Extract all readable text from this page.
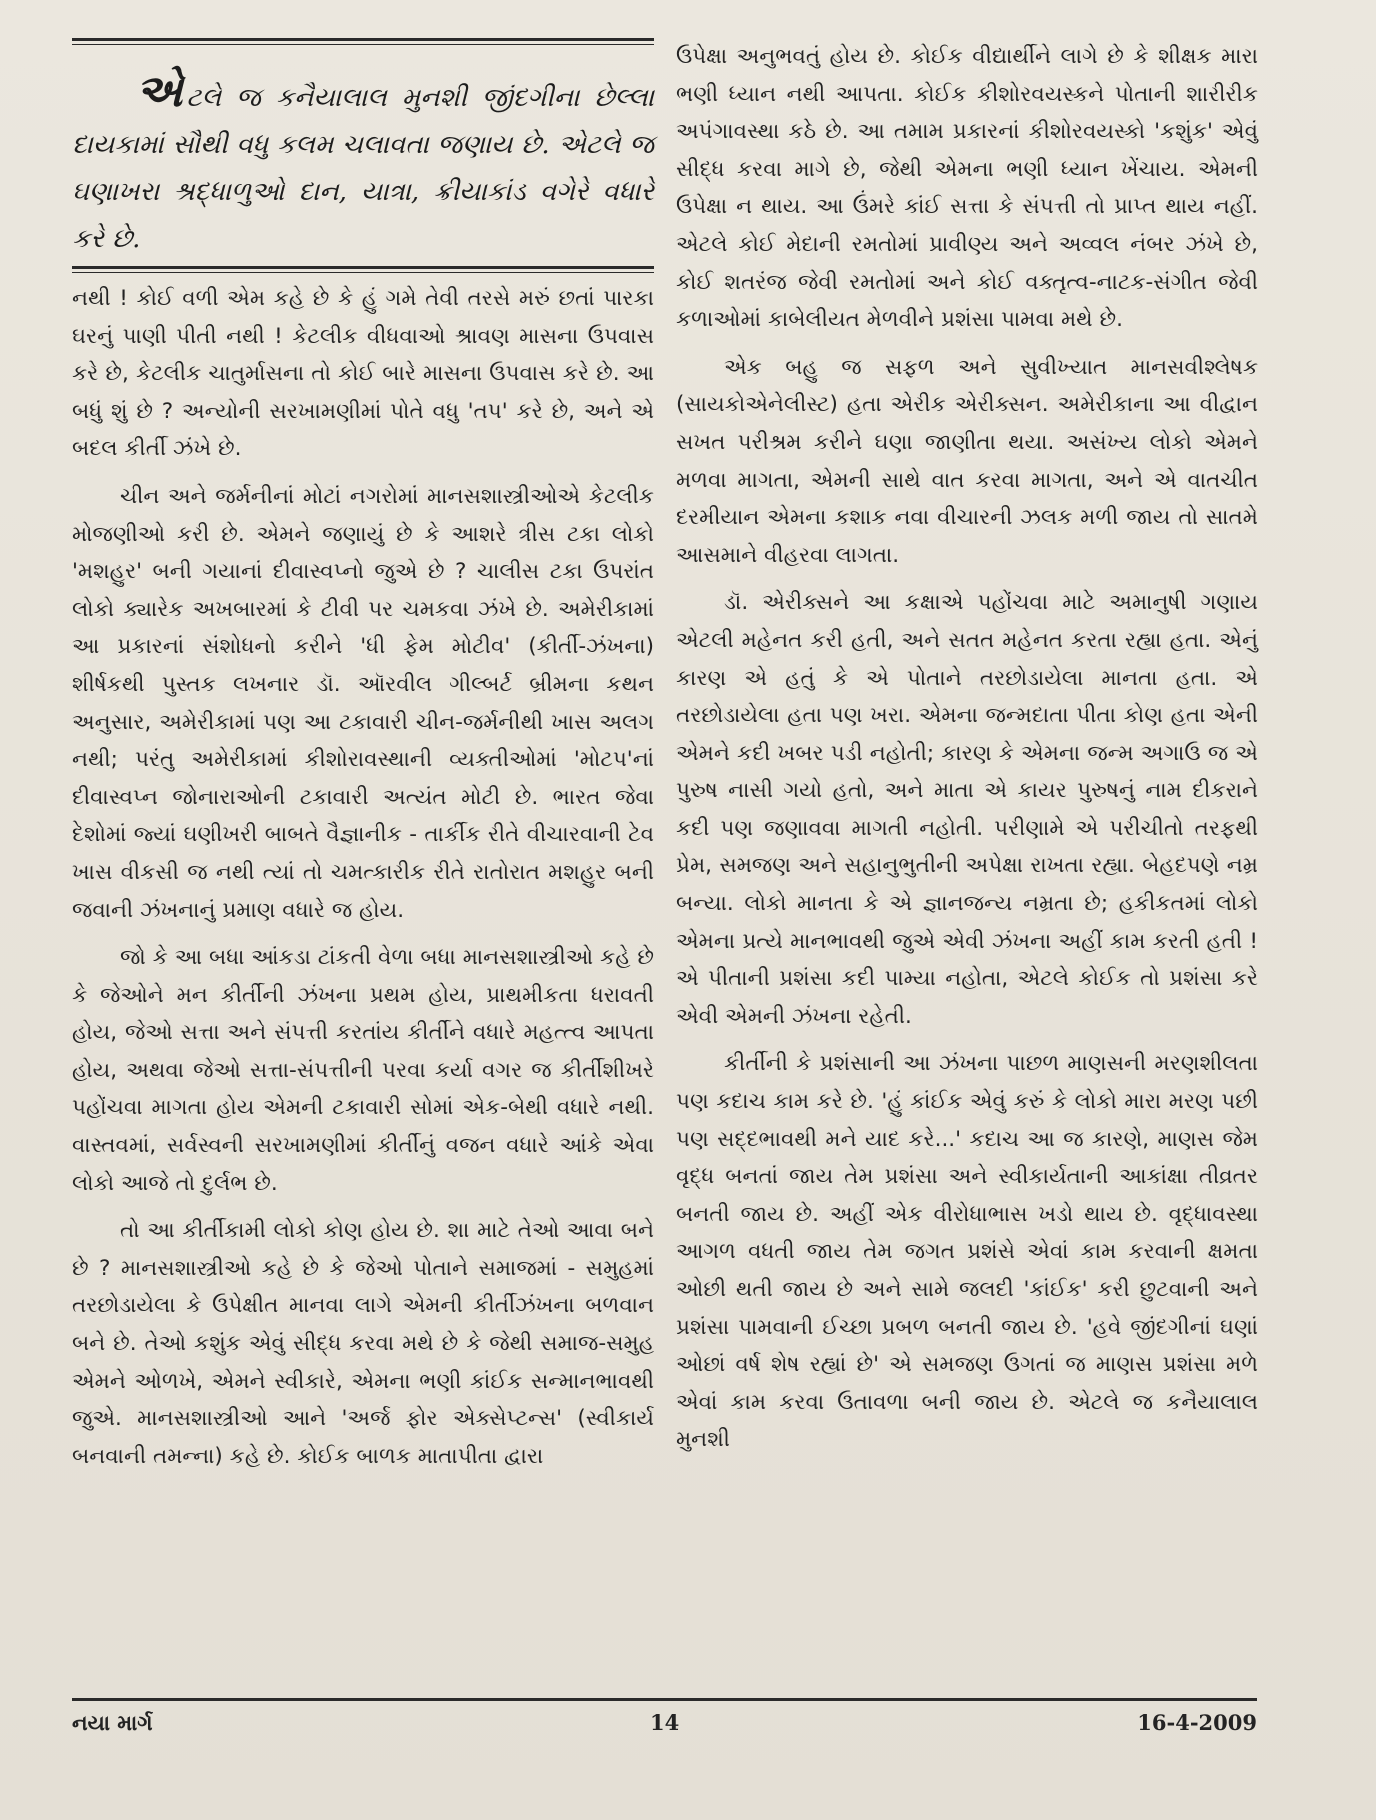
એટલે જ કનૈયાલાલ મુનશી જીંદગીના છેલ્લા દાયકામાં સૌથી વધુ કલમ ચલાવતા જણાય છે. એટલે જ ઘણાખરા શ્રદ્ધાળુઓ દાન, યાત્રા, ક્રીયાકાંડ વગેરે વધારે કરે છે.

નથી ! કોઈ વળી એમ કહે છે કે હું ગમે તેવી તરસે મરું છતાં પારકા ઘરનું પાણી પીતી નથી ! કેટલીક વીધવાઓ શ્રાવણ માસના ઉપવાસ કરે છે, કેટલીક ચાતુર્માસના તો કોઈ બારે માસના ઉપવાસ કરે છે. આ બધું શું છે ? અન્યોની સરખામણીમાં પોતે વધુ 'તપ' કરે છે, અને એ બદલ કીર્તી ઝંખે છે.

ચીન અને જર્મનીનાં મોટાં નગરોમાં માનસશાસ્ત્રીઓએ કેટલીક મોજણીઓ કરી છે. એમને જણાયું છે કે આશરે ત્રીસ ટકા લોકો 'મશહુર' બની ગયાનાં દીવાસ્વપ્નો જુએ છે ? ચાલીસ ટકા ઉપરાંત લોકો ક્યારેક અખબારમાં કે ટીવી પર ચમકવા ઝંખે છે. અમેરીકામાં આ પ્રકારનાં સંશોધનો કરીને 'ધી ફેમ મોટીવ' (કીર્તી-ઝંખના) શીર્ષકથી પુસ્તક લખનાર ડૉ. ઑરવીલ ગીલ્બર્ટ બ્રીમના કથન અનુસાર, અમેરીકામાં પણ આ ટકાવારી ચીન-જર્મનીથી ખાસ અલગ નથી; પરંતુ અમેરીકામાં કીશોરાવસ્થાની વ્યક્તીઓમાં 'મોટપ'નાં દીવાસ્વપ્ન જોનારાઓની ટકાવારી અત્યંત મોટી છે. ભારત જેવા દેશોમાં જ્યાં ઘણીખરી બાબતે વૈજ્ઞાનીક - તાર્કીક રીતે વીચારવાની ટેવ ખાસ વીકસી જ નથી ત્યાં તો ચમત્કારીક રીતે રાતોરાત મશહુર બની જવાની ઝંખનાનું પ્રમાણ વધારે જ હોય.

જો કે આ બધા આંકડા ટાંકતી વેળા બધા માનસશાસ્ત્રીઓ કહે છે કે જેઓને મન કીર્તીની ઝંખના પ્રથમ હોય, પ્રાથમીકતા ધરાવતી હોય, જેઓ સત્તા અને સંપત્તી કરતાંય કીર્તીને વધારે મહત્ત્વ આપતા હોય, અથવા જેઓ સત્તા-સંપત્તીની પરવા કર્યા વગર જ કીર્તીશીખરે પહોંચવા માગતા હોય એમની ટકાવારી સોમાં એક-બેથી વધારે નથી. વાસ્તવમાં, સર્વસ્વની સરખામણીમાં કીર્તીનું વજન વધારે આંકે એવા લોકો આજે તો દુર્લભ છે.

તો આ કીર્તીકામી લોકો કોણ હોય છે. શા માટે તેઓ આવા બને છે ? માનસશાસ્ત્રીઓ કહે છે કે જેઓ પોતાને સમાજમાં - સમુહમાં તરછોડાયેલા કે ઉપેક્ષીત માનવા લાગે એમની કીર્તીઝંખના બળવાન બને છે. તેઓ કશુંક એવું સીદ્ધ કરવા મથે છે કે જેથી સમાજ-સમુહ એમને ઓળખે, એમને સ્વીકારે, એમના ભણી કાંઈક સન્માનભાવથી જુએ. માનસશાસ્ત્રીઓ આને 'અર્જ ફોર એક્સેપ્ટન્સ' (સ્વીકાર્ય બનવાની તમન્ના) કહે છે. કોઈક બાળક માતાપીતા દ્વારા

ઉપેક્ષા અનુભવતું હોય છે. કોઈક વીદ્યાર્થીને લાગે છે કે શીક્ષક મારા ભણી ધ્યાન નથી આપતા. કોઈક કીશોરવયસ્કને પોતાની શારીરીક અપંગાવસ્થા કઠે છે. આ તમામ પ્રકારનાં કીશોરવયસ્કો 'કશુંક' એવું સીદ્ધ કરવા માગે છે, જેથી એમના ભણી ધ્યાન ખેંચાય. એમની ઉપેક્ષા ન થાય. આ ઉંમરે કાંઈ સત્તા કે સંપત્તી તો પ્રાપ્ત થાય નહીં. એટલે કોઈ મેદાની રમતોમાં પ્રાવીણ્ય અને અવ્વલ નંબર ઝંખે છે, કોઈ શતરંજ જેવી રમતોમાં અને કોઈ વક્તૃત્વ-નાટક-સંગીત જેવી કળાઓમાં કાબેલીયત મેળવીને પ્રશંસા પામવા મથે છે.

એક બહુ જ સફળ અને સુવીખ્યાત માનસવીશ્લેષક (સાયકોએનેલીસ્ટ) હતા એરીક એરીક્સન. અમેરીકાના આ વીદ્વાન સખત પરીશ્રમ કરીને ઘણા જાણીતા થયા. અસંખ્ય લોકો એમને મળવા માગતા, એમની સાથે વાત કરવા માગતા, અને એ વાતચીત દરમીયાન એમના કશાક નવા વીચારની ઝલક મળી જાય તો સાતમે આસમાને વીહરવા લાગતા.

ડૉ. એરીક્સને આ કક્ષાએ પહોંચવા માટે અમાનુષી ગણાય એટલી મહેનત કરી હતી, અને સતત મહેનત કરતા રહ્યા હતા. એનું કારણ એ હતું કે એ પોતાને તરછોડાયેલા માનતા હતા. એ તરછોડાયેલા હતા પણ ખરા. એમના જન્મદાતા પીતા કોણ હતા એની એમને કદી ખબર પડી નહોતી; કારણ કે એમના જન્મ અગાઉ જ એ પુરુષ નાસી ગયો હતો, અને માતા એ કાયર પુરુષનું નામ દીકરાને કદી પણ જણાવવા માગતી નહોતી. પરીણામે એ પરીચીતો તરફથી પ્રેમ, સમજણ અને સહાનુભુતીની અપેક્ષા રાખતા રહ્યા. બેહદપણે નમ્ર બન્યા. લોકો માનતા કે એ જ્ઞાનજન્ય નમ્રતા છે; હકીકતમાં લોકો એમના પ્રત્યે માનભાવથી જુએ એવી ઝંખના અહીં કામ કરતી હતી ! એ પીતાની પ્રશંસા કદી પામ્યા નહોતા, એટલે કોઈક તો પ્રશંસા કરે એવી એમની ઝંખના રહેતી.

કીર્તીની કે પ્રશંસાની આ ઝંખના પાછળ માણસની મરણશીલતા પણ કદાચ કામ કરે છે. 'હું કાંઈક એવું કરું કે લોકો મારા મરણ પછી પણ સદ્દભાવથી મને યાદ કરે...' કદાચ આ જ કારણે, માણસ જેમ વૃદ્ધ બનતાં જાય તેમ પ્રશંસા અને સ્વીકાર્યતાની આકાંક્ષા તીવ્રતર બનતી જાય છે. અહીં એક વીરોધાભાસ ખડો થાય છે. વૃદ્ધાવસ્થા આગળ વધતી જાય તેમ જગત પ્રશંસે એવાં કામ કરવાની ક્ષમતા ઓછી થતી જાય છે અને સામે જલદી 'કાંઈક' કરી છુટવાની અને પ્રશંસા પામવાની ઈચ્છા પ્રબળ બનતી જાય છે. 'હવે જીંદગીનાં ઘણાં ઓછાં વર્ષ શેષ રહ્યાં છે' એ સમજણ ઉગતાં જ માણસ પ્રશંસા મળે એવાં કામ કરવા ઉતાવળા બની જાય છે. એટલે જ કનૈયાલાલ મુનશી

નયા માર્ગ	14	16-4-2009
